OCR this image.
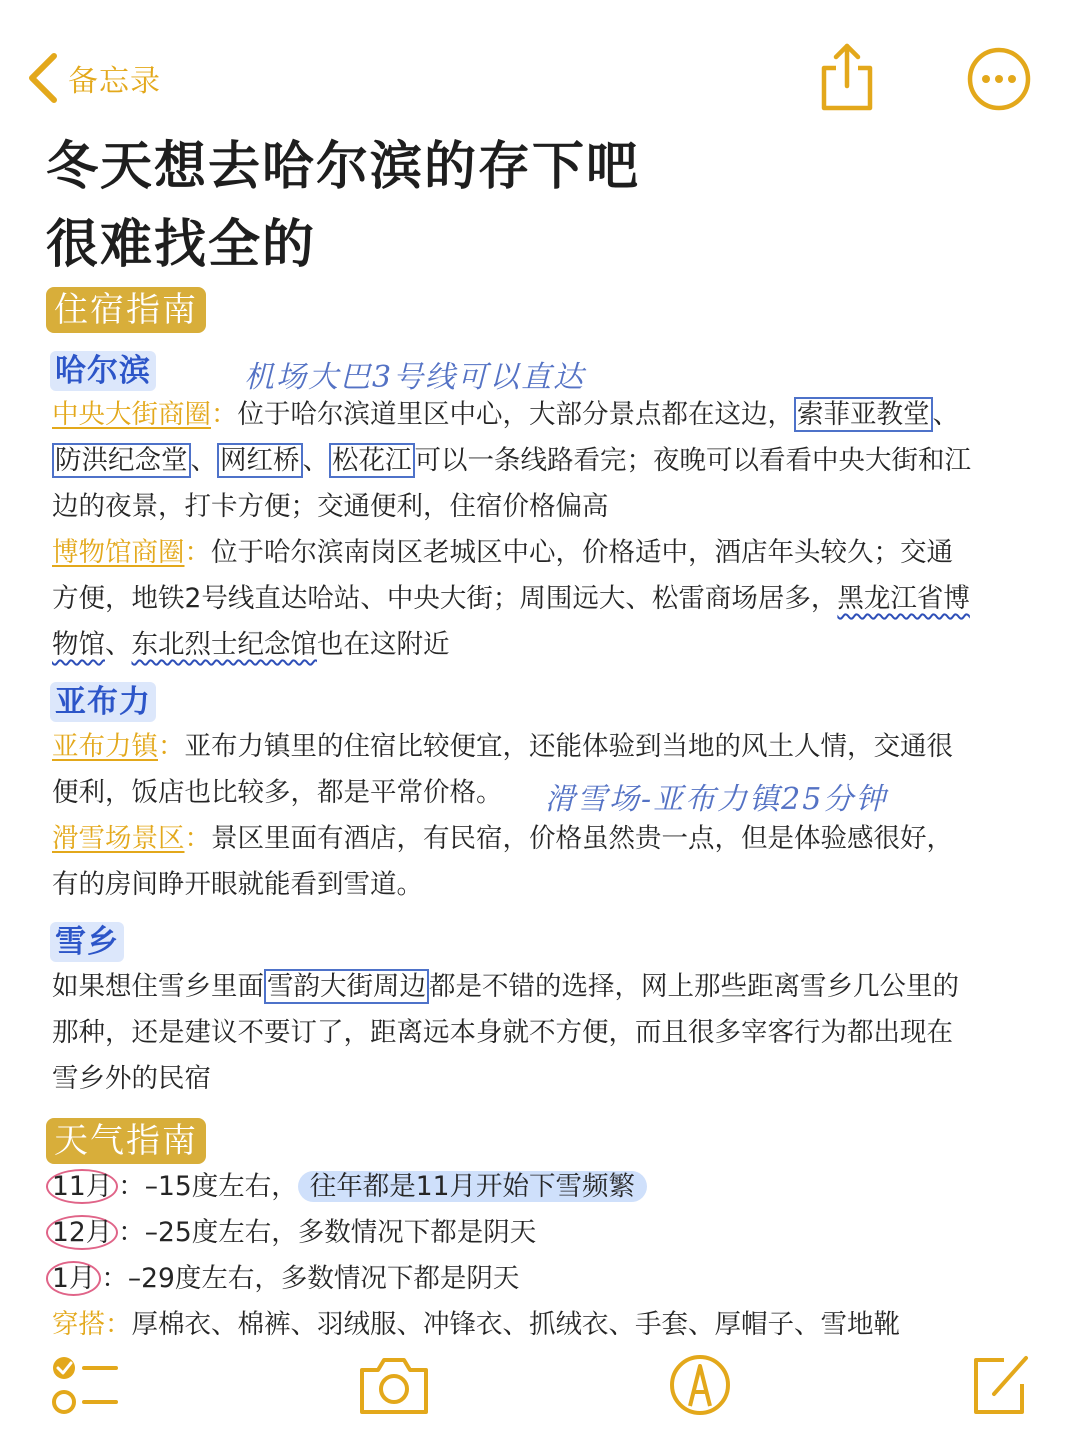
备忘录
冬天想去哈尔滨的存下吧
很难找全的
住宿指南
哈尔滨	机场大巴3号线可以直达
中央大街商圈：位于哈尔滨道里区中心，大部分景点都在这边， 索菲亚教堂 、
防洪纪念堂 、 网红桥 、 松花江 可以一条线路看完；夜晚可以看看中央大街和江
边的夜景，打卡方便；交通便利，住宿价格偏高
博物馆商圈：位于哈尔滨南岗区老城区中心，价格适中，酒店年头较久；交通
方便，地铁2号线直达哈站、中央大街；周围远大、松雷商场居多，黑龙江省博
物馆、东北烈士纪念馆也在这附近
亚布力
亚布力镇：亚布力镇里的住宿比较便宜，还能体验到当地的风土人情，交通很
便利，饭店也比较多，都是平常价格。 滑雪场-亚布力镇25分钟
滑雪场景区：景区里面有酒店，有民宿，价格虽然贵一点，但是体验感很好，
有的房间睁开眼就能看到雪道。
雪乡
如果想住雪乡里面 雪韵大街周边 都是不错的选择，网上那些距离雪乡几公里的
那种，还是建议不要订了，距离远本身就不方便，而且很多宰客行为都出现在
雪乡外的民宿
天气指南
11月 ：–15度左右， 往年都是11月开始下雪频繁
12月 ：–25度左右，多数情况下都是阴天
1月 ：–29度左右，多数情况下都是阴天
穿搭：厚棉衣、棉裤、羽绒服、冲锋衣、抓绒衣、手套、厚帽子、雪地靴
